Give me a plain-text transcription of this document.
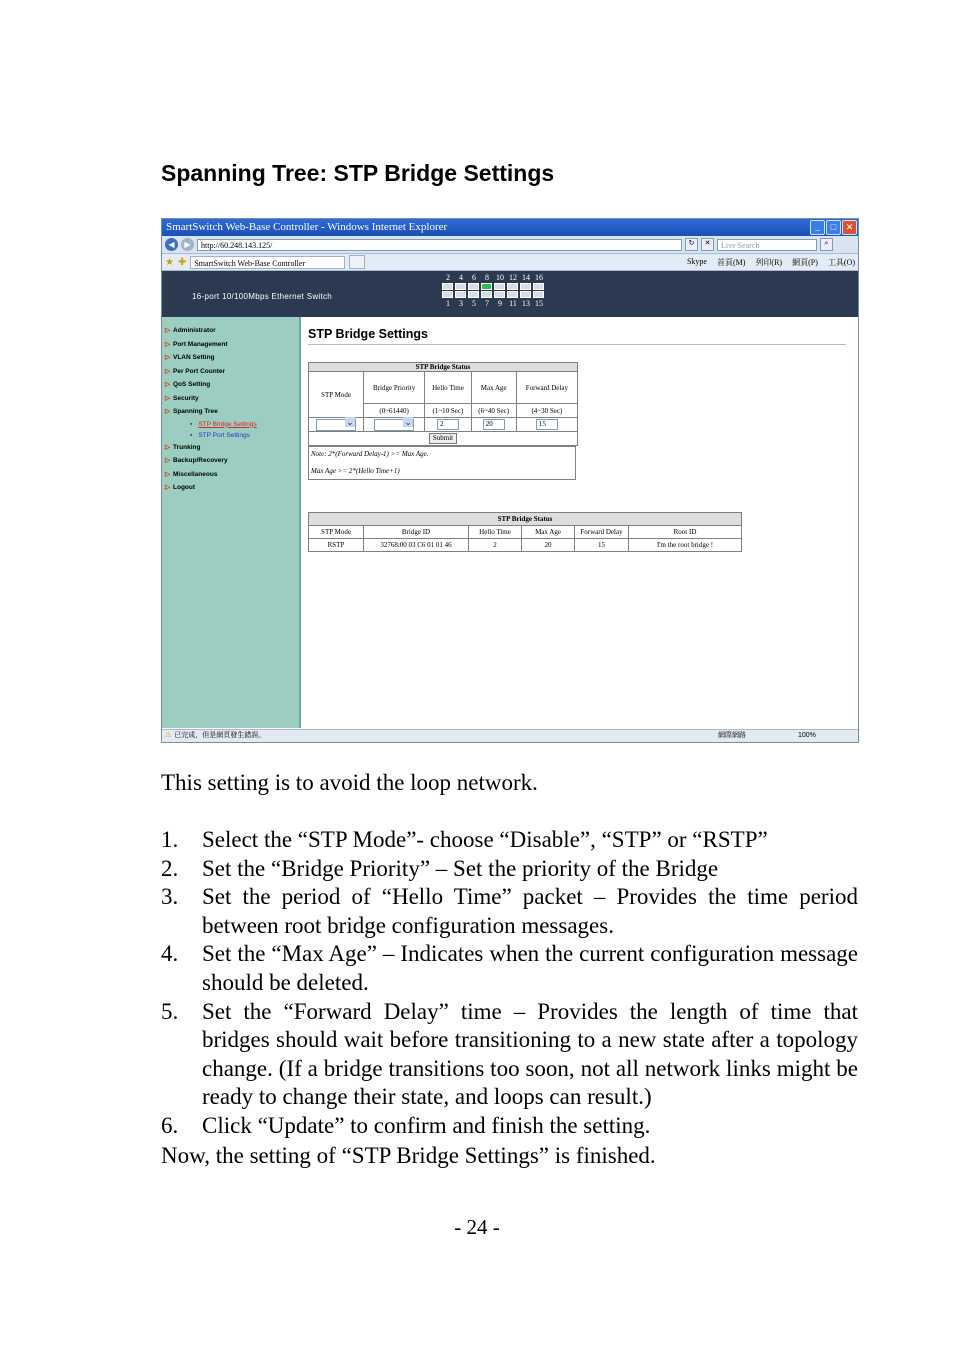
Spanning Tree: STP Bridge Settings
SmartSwitch Web-Base Controller - Windows Internet Explorer	_	□	✕
◀	▶	http://60.248.143.125/	↻	✕	Live Search	⌕
★ ✚	SmartSwitch Web-Base Controller	Skype 首頁(M) 列印(R) 網頁(P) 工具(O)
16-port 10/100Mbps Ethernet Switch
2	4	6	8 10 12 14 16
1	3	5	7	9 11 13 15
▷ Administrator
▷ Port Management
▷ VLAN Setting
▷ Per Port Counter
▷ QoS Setting
▷ Security
▷ Spanning Tree
▪ STP Bridge Settings
▪ STP Port Settings
▷ Trunking
▷ Backup/Recovery
▷ Miscellaneous
▷ Logout
STP Bridge Settings
STP Bridge Status				
STP Mode	Bridge Priority	Hello Time	Max Age	Forward Delay
	(0~61440)	(1~10 Sec)	(6~40 Sec)	(4~30 Sec)
⌄	⌄	2	20	15
Submit				
Note: 2*(Forward Delay-1) >= Max Age.
Max Age >= 2*(Hello Time+1)
STP Bridge Status					
STP Mode	Bridge ID	Hello Time	Max Age	Forward Delay	Root ID
RSTP	32768:00 03 C6 01 01 46	2	20	15	I'm the root bridge !
⚠ 已完成，但是網頁發生錯誤。	網際網路	100%

This setting is to avoid the loop network.

1. Select the “STP Mode”- choose “Disable”, “STP” or “RSTP”
2. Set the “Bridge Priority” – Set the priority of the Bridge
3. Set the period of “Hello Time” packet – Provides the time period between root bridge configuration messages.
4. Set the “Max Age” – Indicates when the current configuration message should be deleted.
5. Set the “Forward Delay” time – Provides the length of time that bridges should wait before transitioning to a new state after a topology change. (If a bridge transitions too soon, not all network links might be ready to change their state, and loops can result.)
6. Click “Update” to confirm and finish the setting.

Now, the setting of “STP Bridge Settings” is finished.

- 24 -
